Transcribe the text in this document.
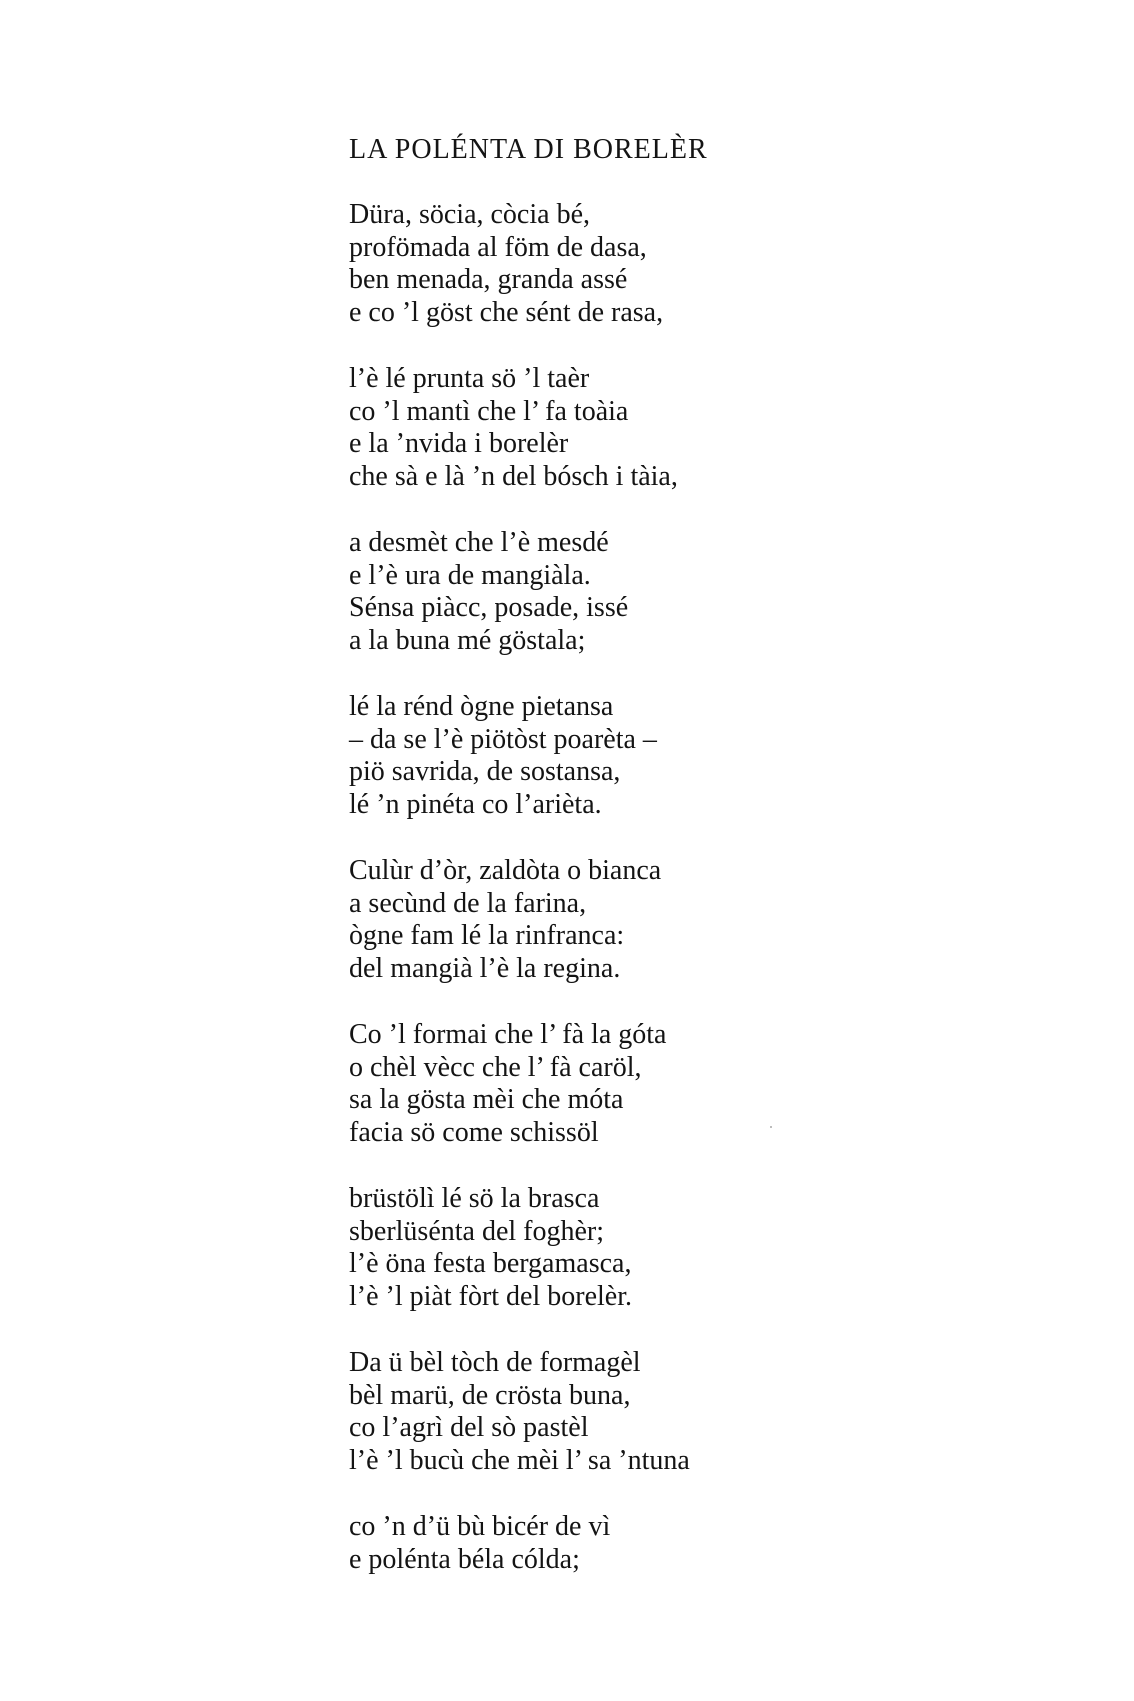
LA POLÉNTA DI BORELÈR
Düra, söcia, còcia bé,
profömada al föm de dasa,
ben menada, granda assé
e co ’l göst che sént de rasa,
l’è lé prunta sö ’l taèr
co ’l mantì che l’ fa toàia
e la ’nvida i borelèr
che sà e là ’n del bósch i tàia,
a desmèt che l’è mesdé
e l’è ura de mangiàla.
Sénsa piàcc, posade, issé
a la buna mé göstala;
lé la rénd ògne pietansa
– da se l’è piötòst poarèta –
piö savrida, de sostansa,
lé ’n pinéta co l’arièta.
Culùr d’òr, zaldòta o bianca
a secùnd de la farina,
ògne fam lé la rinfranca:
del mangià l’è la regina.
Co ’l formai che l’ fà la góta
o chèl vècc che l’ fà caröl,
sa la gösta mèi che móta
facia sö come schissöl
brüstölì lé sö la brasca
sberlüsénta del foghèr;
l’è öna festa bergamasca,
l’è ’l piàt fòrt del borelèr.
Da ü bèl tòch de formagèl
bèl marü, de cröst​a buna,
co l’agrì del sò pastèl
l’è ’l bucù che mèi l’ sa ’ntuna
co ’n d’ü bù bicér de vì
e poléntа béla cólda;
